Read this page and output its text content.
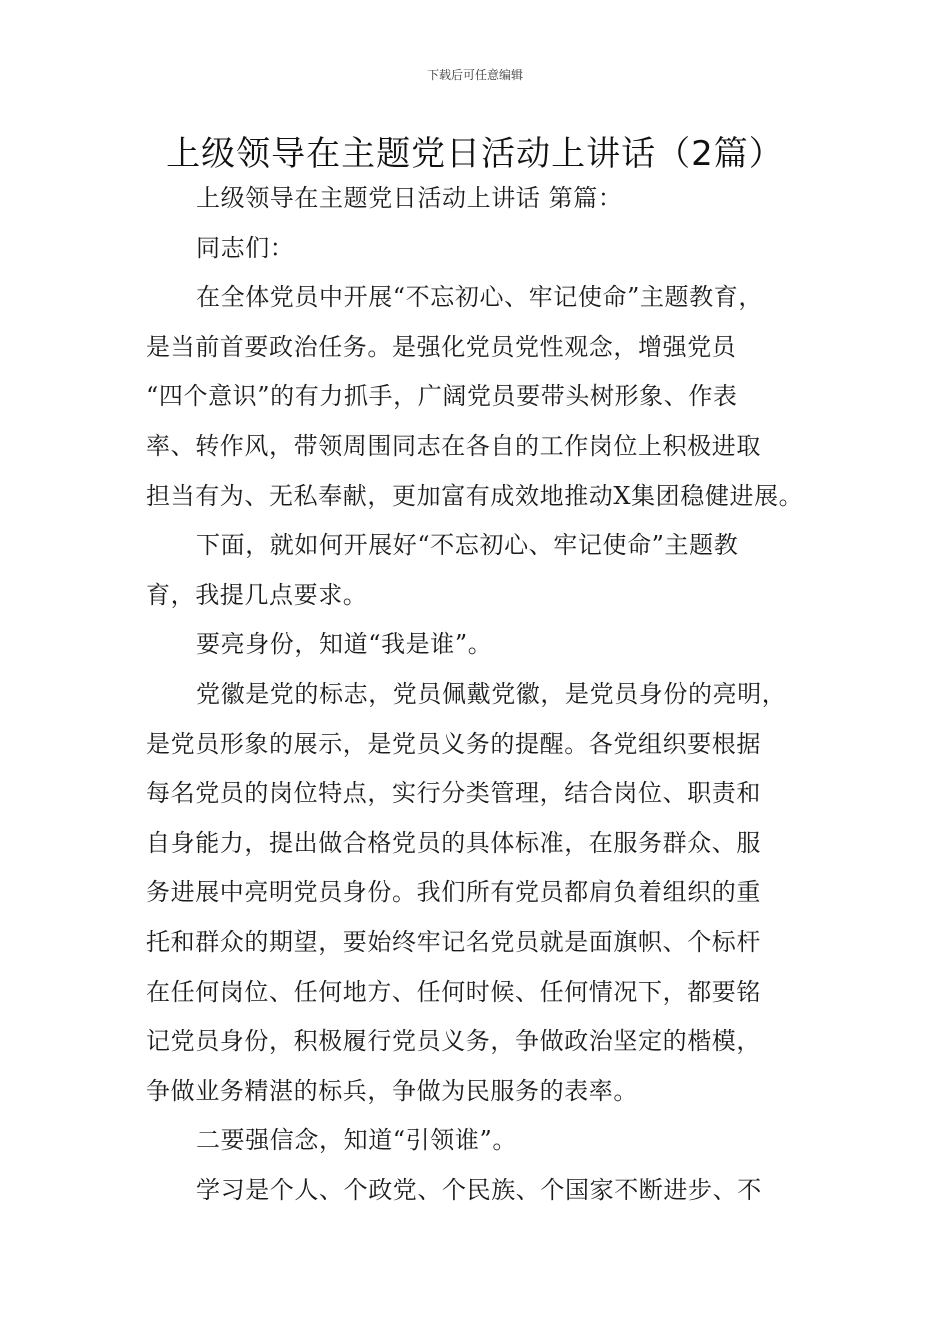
下载后可任意编辑
上级领导在主题党日活动上讲话（2篇）
上级领导在主题党日活动上讲话 第篇：
同志们：
在全体党员中开展“不忘初心、牢记使命”主题教育，
是当前首要政治任务。是强化党员党性观念，增强党员
“四个意识”的有力抓手，广阔党员要带头树形象、作表
率、转作风，带领周围同志在各自的工作岗位上积极进取
担当有为、无私奉献，更加富有成效地推动X集团稳健进展。
下面，就如何开展好“不忘初心、牢记使命”主题教
育，我提几点要求。
要亮身份，知道“我是谁”。
党徽是党的标志，党员佩戴党徽，是党员身份的亮明，
是党员形象的展示，是党员义务的提醒。各党组织要根据
每名党员的岗位特点，实行分类管理，结合岗位、职责和
自身能力，提出做合格党员的具体标准，在服务群众、服
务进展中亮明党员身份。我们所有党员都肩负着组织的重
托和群众的期望，要始终牢记名党员就是面旗帜、个标杆
在任何岗位、任何地方、任何时候、任何情况下，都要铭
记党员身份，积极履行党员义务，争做政治坚定的楷模，
争做业务精湛的标兵，争做为民服务的表率。
二要强信念，知道“引领谁”。
学习是个人、个政党、个民族、个国家不断进步、不
